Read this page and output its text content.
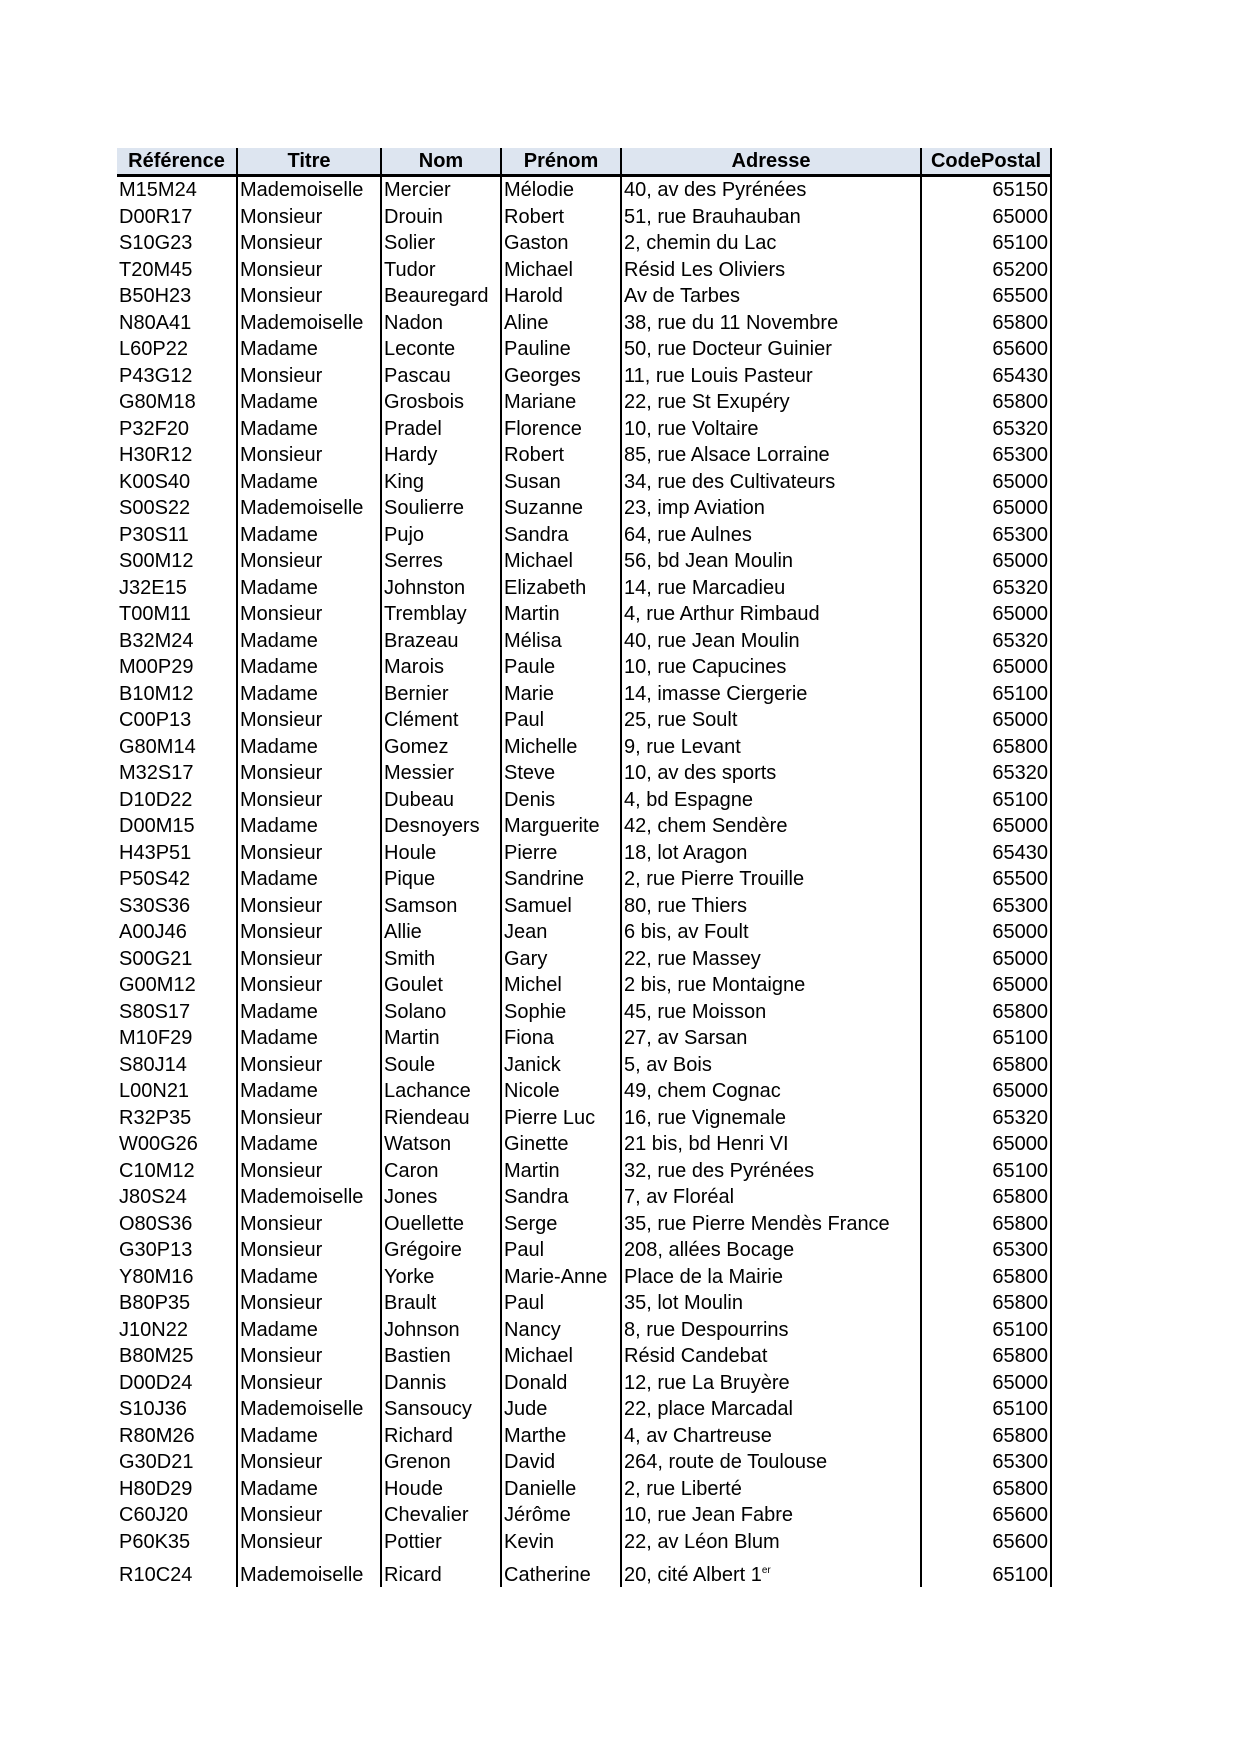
Référence	Titre	Nom	Prénom	Adresse	CodePostal
M15M24	Mademoiselle	Mercier	Mélodie	40, av des Pyrénées	65150
D00R17	Monsieur	Drouin	Robert	51, rue Brauhauban	65000
S10G23	Monsieur	Solier	Gaston	2, chemin du Lac	65100
T20M45	Monsieur	Tudor	Michael	Résid Les Oliviers	65200
B50H23	Monsieur	Beauregard	Harold	Av de Tarbes	65500
N80A41	Mademoiselle	Nadon	Aline	38, rue du 11 Novembre	65800
L60P22	Madame	Leconte	Pauline	50, rue Docteur Guinier	65600
P43G12	Monsieur	Pascau	Georges	11, rue Louis Pasteur	65430
G80M18	Madame	Grosbois	Mariane	22, rue St Exupéry	65800
P32F20	Madame	Pradel	Florence	10, rue Voltaire	65320
H30R12	Monsieur	Hardy	Robert	85, rue Alsace Lorraine	65300
K00S40	Madame	King	Susan	34, rue des Cultivateurs	65000
S00S22	Mademoiselle	Soulierre	Suzanne	23, imp Aviation	65000
P30S11	Madame	Pujo	Sandra	64, rue Aulnes	65300
S00M12	Monsieur	Serres	Michael	56, bd Jean Moulin	65000
J32E15	Madame	Johnston	Elizabeth	14, rue Marcadieu	65320
T00M11	Monsieur	Tremblay	Martin	4, rue Arthur Rimbaud	65000
B32M24	Madame	Brazeau	Mélisa	40, rue Jean Moulin	65320
M00P29	Madame	Marois	Paule	10, rue Capucines	65000
B10M12	Madame	Bernier	Marie	14, imasse Ciergerie	65100
C00P13	Monsieur	Clément	Paul	25, rue Soult	65000
G80M14	Madame	Gomez	Michelle	9, rue Levant	65800
M32S17	Monsieur	Messier	Steve	10, av des sports	65320
D10D22	Monsieur	Dubeau	Denis	4, bd Espagne	65100
D00M15	Madame	Desnoyers	Marguerite	42, chem Sendère	65000
H43P51	Monsieur	Houle	Pierre	18, lot Aragon	65430
P50S42	Madame	Pique	Sandrine	2, rue Pierre Trouille	65500
S30S36	Monsieur	Samson	Samuel	80, rue Thiers	65300
A00J46	Monsieur	Allie	Jean	6 bis, av Foult	65000
S00G21	Monsieur	Smith	Gary	22, rue Massey	65000
G00M12	Monsieur	Goulet	Michel	2 bis, rue Montaigne	65000
S80S17	Madame	Solano	Sophie	45, rue Moisson	65800
M10F29	Madame	Martin	Fiona	27, av Sarsan	65100
S80J14	Monsieur	Soule	Janick	5, av Bois	65800
L00N21	Madame	Lachance	Nicole	49, chem Cognac	65000
R32P35	Monsieur	Riendeau	Pierre Luc	16, rue Vignemale	65320
W00G26	Madame	Watson	Ginette	21 bis, bd Henri VI	65000
C10M12	Monsieur	Caron	Martin	32, rue des Pyrénées	65100
J80S24	Mademoiselle	Jones	Sandra	7, av Floréal	65800
O80S36	Monsieur	Ouellette	Serge	35, rue Pierre Mendès France	65800
G30P13	Monsieur	Grégoire	Paul	208, allées Bocage	65300
Y80M16	Madame	Yorke	Marie-Anne	Place de la Mairie	65800
B80P35	Monsieur	Brault	Paul	35, lot Moulin	65800
J10N22	Madame	Johnson	Nancy	8, rue Despourrins	65100
B80M25	Monsieur	Bastien	Michael	Résid Candebat	65800
D00D24	Monsieur	Dannis	Donald	12, rue La Bruyère	65000
S10J36	Mademoiselle	Sansoucy	Jude	22, place Marcadal	65100
R80M26	Madame	Richard	Marthe	4, av Chartreuse	65800
G30D21	Monsieur	Grenon	David	264, route de Toulouse	65300
H80D29	Madame	Houde	Danielle	2, rue Liberté	65800
C60J20	Monsieur	Chevalier	Jérôme	10, rue Jean Fabre	65600
P60K35	Monsieur	Pottier	Kevin	22, av Léon Blum	65600
R10C24	Mademoiselle	Ricard	Catherine	20, cité Albert 1er	65100
